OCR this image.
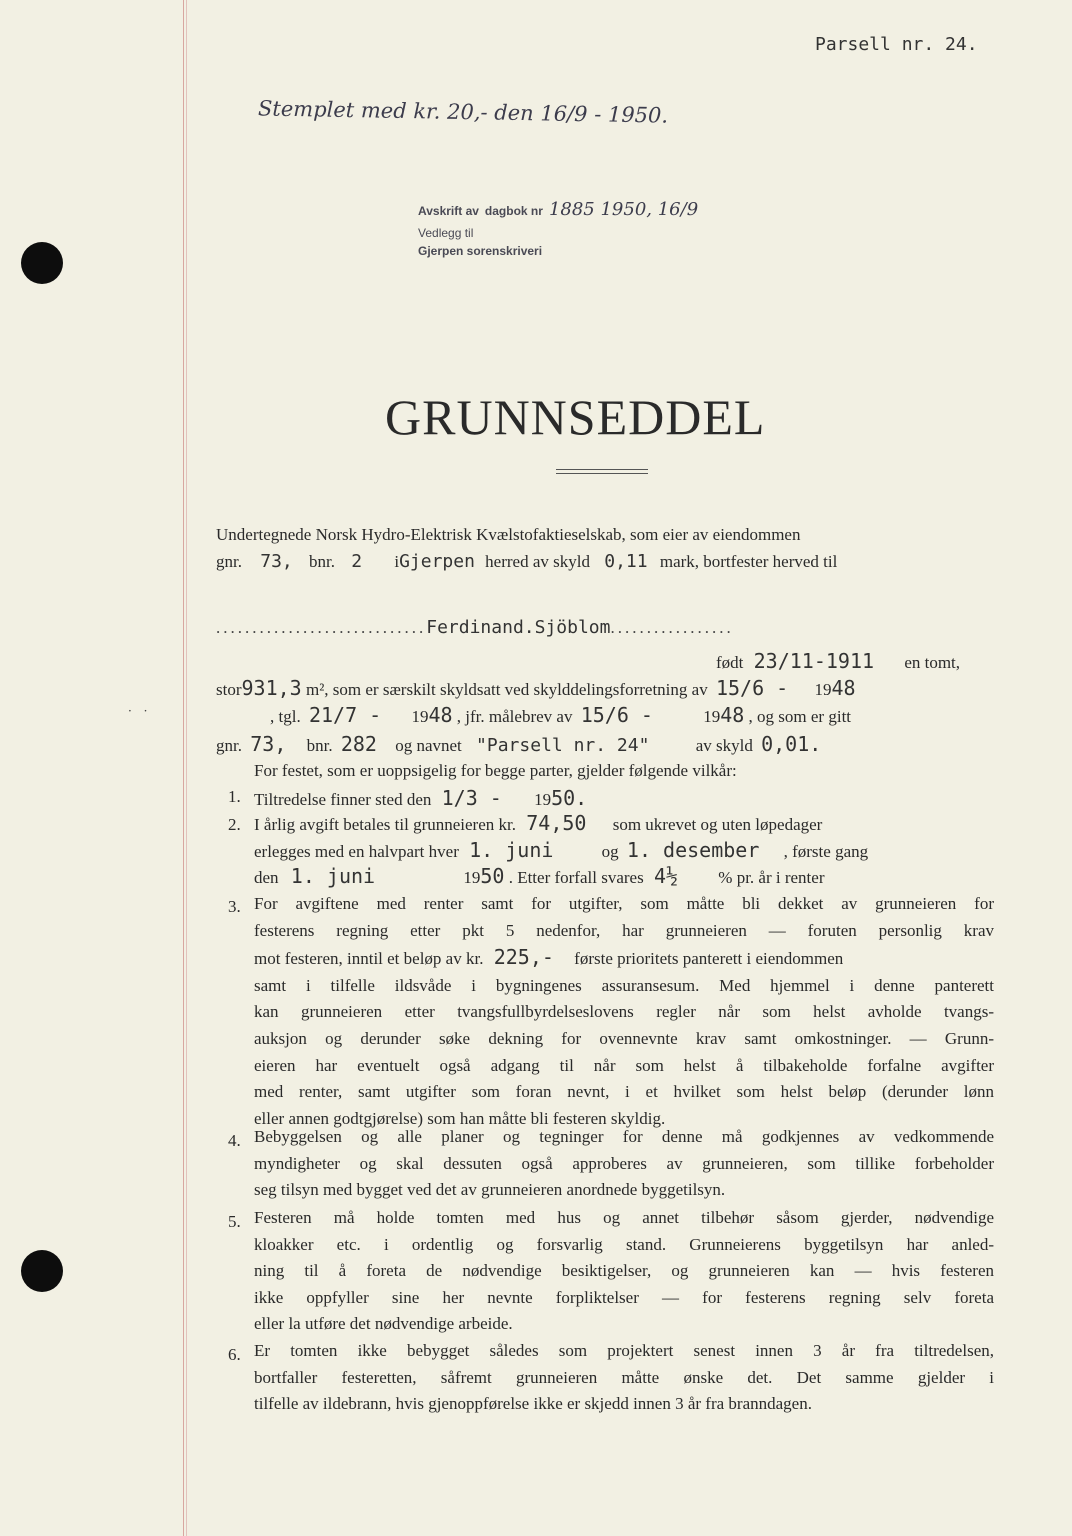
· ·
Parsell nr. 24.
Stemplet med kr. 20,- den 16/9 - 1950.
Avskrift av dagbok nr 1885 1950, 16/9
Vedlegg til
Gjerpen sorenskriveri
GRUNNSEDDEL
Undertegnede Norsk Hydro-Elektrisk Kvælstofaktieselskab, som eier av eiendommen
gnr. 73, bnr. 2 iGjerpen herred av skyld 0,11 mark, bortfester herved til
.............................Ferdinand.Sjöblom.................
født 23/11-1911 en tomt,
stor931,3 m², som er særskilt skyldsatt ved skylddelingsforretning av 15/6 - 1948
, tgl. 21/7 - 1948 , jfr. målebrev av 15/6 -	1948 , og som er gitt
gnr. 73, bnr. 282 og navnet "Parsell nr. 24"	av skyld 0,01.
For festet, som er uoppsigelig for begge parter, gjelder følgende vilkår:
1. Tiltredelse finner sted den 1/3 - 1950.
2. I årlig avgift betales til grunneieren kr. 74,50 som ukrevet og uten løpedager
erlegges med en halvpart hver 1. juni	og 1. desember , første gang
den 1. juni	1950 . Etter forfall svares 4½ % pr. år i renter
3. For avgiftene med renter samt for utgifter, som måtte bli dekket av grunneieren for
festerens regning etter pkt 5 nedenfor, har grunneieren — foruten personlig krav
mot festeren, inntil et beløp av kr. 225,- første prioritets panterett i eiendommen
samt i tilfelle ildsvåde i bygningenes assuransesum. Med hjemmel i denne panterett
kan grunneieren etter tvangsfullbyrdelseslovens regler når som helst avholde tvangs-
auksjon og derunder søke dekning for ovennevnte krav samt omkostninger. — Grunn-
eieren har eventuelt også adgang til når som helst å tilbakeholde forfalne avgifter
med renter, samt utgifter som foran nevnt, i et hvilket som helst beløp (derunder lønn
eller annen godtgjørelse) som han måtte bli festeren skyldig.
4. Bebyggelsen og alle planer og tegninger for denne må godkjennes av vedkommende
myndigheter og skal dessuten også approberes av grunneieren, som tillike forbeholder
seg tilsyn med bygget ved det av grunneieren anordnede byggetilsyn.
5. Festeren må holde tomten med hus og annet tilbehør såsom gjerder, nødvendige
kloakker etc. i ordentlig og forsvarlig stand. Grunneierens byggetilsyn har anled-
ning til å foreta de nødvendige besiktigelser, og grunneieren kan — hvis festeren
ikke oppfyller sine her nevnte forpliktelser — for festerens regning selv foreta
eller la utføre det nødvendige arbeide.
6. Er tomten ikke bebygget således som projektert senest innen 3 år fra tiltredelsen,
bortfaller festeretten, såfremt grunneieren måtte ønske det. Det samme gjelder i
tilfelle av ildebrann, hvis gjenoppførelse ikke er skjedd innen 3 år fra branndagen.
